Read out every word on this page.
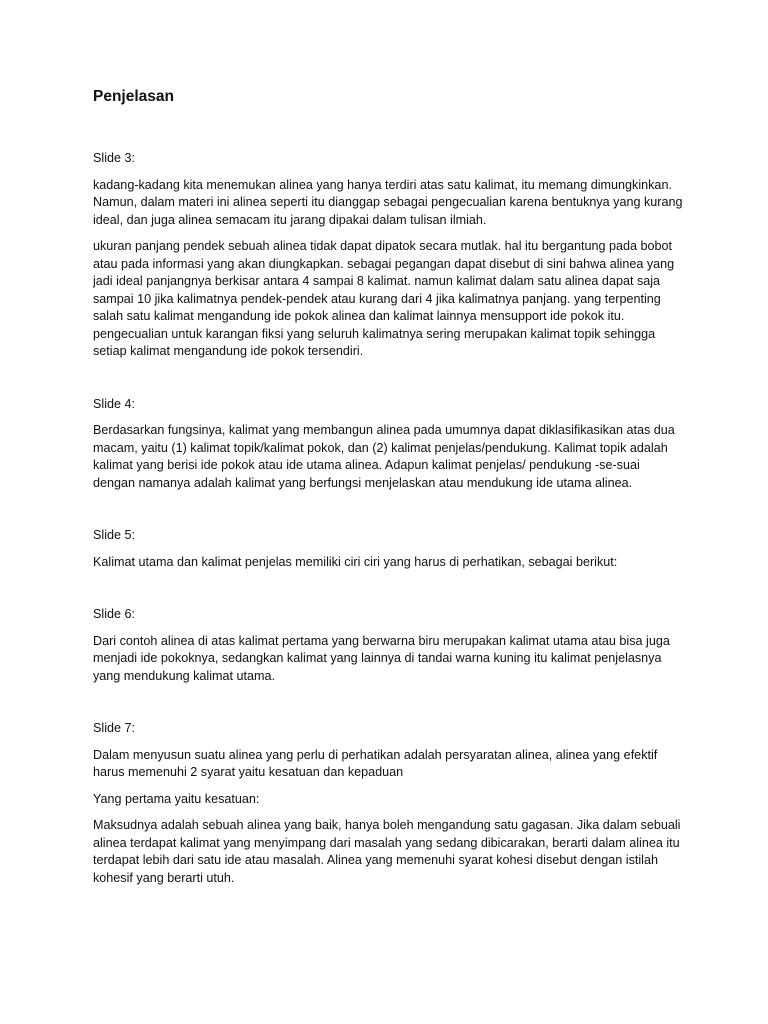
Penjelasan
Slide 3:
kadang-kadang kita menemukan alinea yang hanya terdiri atas satu kalimat, itu memang dimungkinkan. Namun, dalam materi ini alinea seperti itu dianggap sebagai pengecualian karena bentuknya yang kurang ideal, dan juga alinea semacam itu jarang dipakai dalam tulisan ilmiah.
ukuran panjang pendek sebuah alinea tidak dapat dipatok secara mutlak. hal itu bergantung pada bobot atau pada informasi yang akan diungkapkan. sebagai pegangan dapat disebut di sini bahwa alinea yang jadi ideal panjangnya berkisar antara 4 sampai 8 kalimat. namun kalimat dalam satu alinea dapat saja sampai 10 jika kalimatnya pendek-pendek atau kurang dari 4 jika kalimatnya panjang. yang terpenting salah satu kalimat mengandung ide pokok alinea dan kalimat lainnya mensupport ide pokok itu. pengecualian untuk karangan fiksi yang seluruh kalimatnya sering merupakan kalimat topik sehingga setiap kalimat mengandung ide pokok tersendiri.
Slide 4:
Berdasarkan fungsinya, kalimat yang membangun alinea pada umumnya dapat diklasifikasikan atas dua macam, yaitu (1) kalimat topik/kalimat pokok, dan (2) kalimat penjelas/pendukung. Kalimat topik adalah kalimat yang berisi ide pokok atau ide utama alinea. Adapun kalimat penjelas/ pendukung -se-suai dengan namanya adalah kalimat yang berfungsi menjelaskan atau mendukung ide utama alinea.
Slide 5:
Kalimat utama dan kalimat penjelas memiliki ciri ciri yang harus di perhatikan, sebagai berikut:
Slide 6:
Dari contoh alinea di atas kalimat pertama yang berwarna biru merupakan kalimat utama atau bisa juga menjadi ide pokoknya, sedangkan kalimat yang lainnya di tandai warna kuning itu kalimat penjelasnya yang mendukung kalimat utama.
Slide 7:
Dalam menyusun suatu alinea yang perlu di perhatikan adalah persyaratan alinea, alinea yang efektif harus memenuhi 2 syarat yaitu kesatuan dan kepaduan
Yang pertama yaitu kesatuan:
Maksudnya adalah sebuah alinea yang baik, hanya boleh mengandung satu gagasan. Jika dalam sebuali alinea terdapat kalimat yang menyimpang dari masalah yang sedang dibicarakan, berarti dalam alinea itu terdapat lebih dari satu ide atau masalah. Alinea yang memenuhi syarat kohesi disebut dengan istilah kohesif yang berarti utuh.
